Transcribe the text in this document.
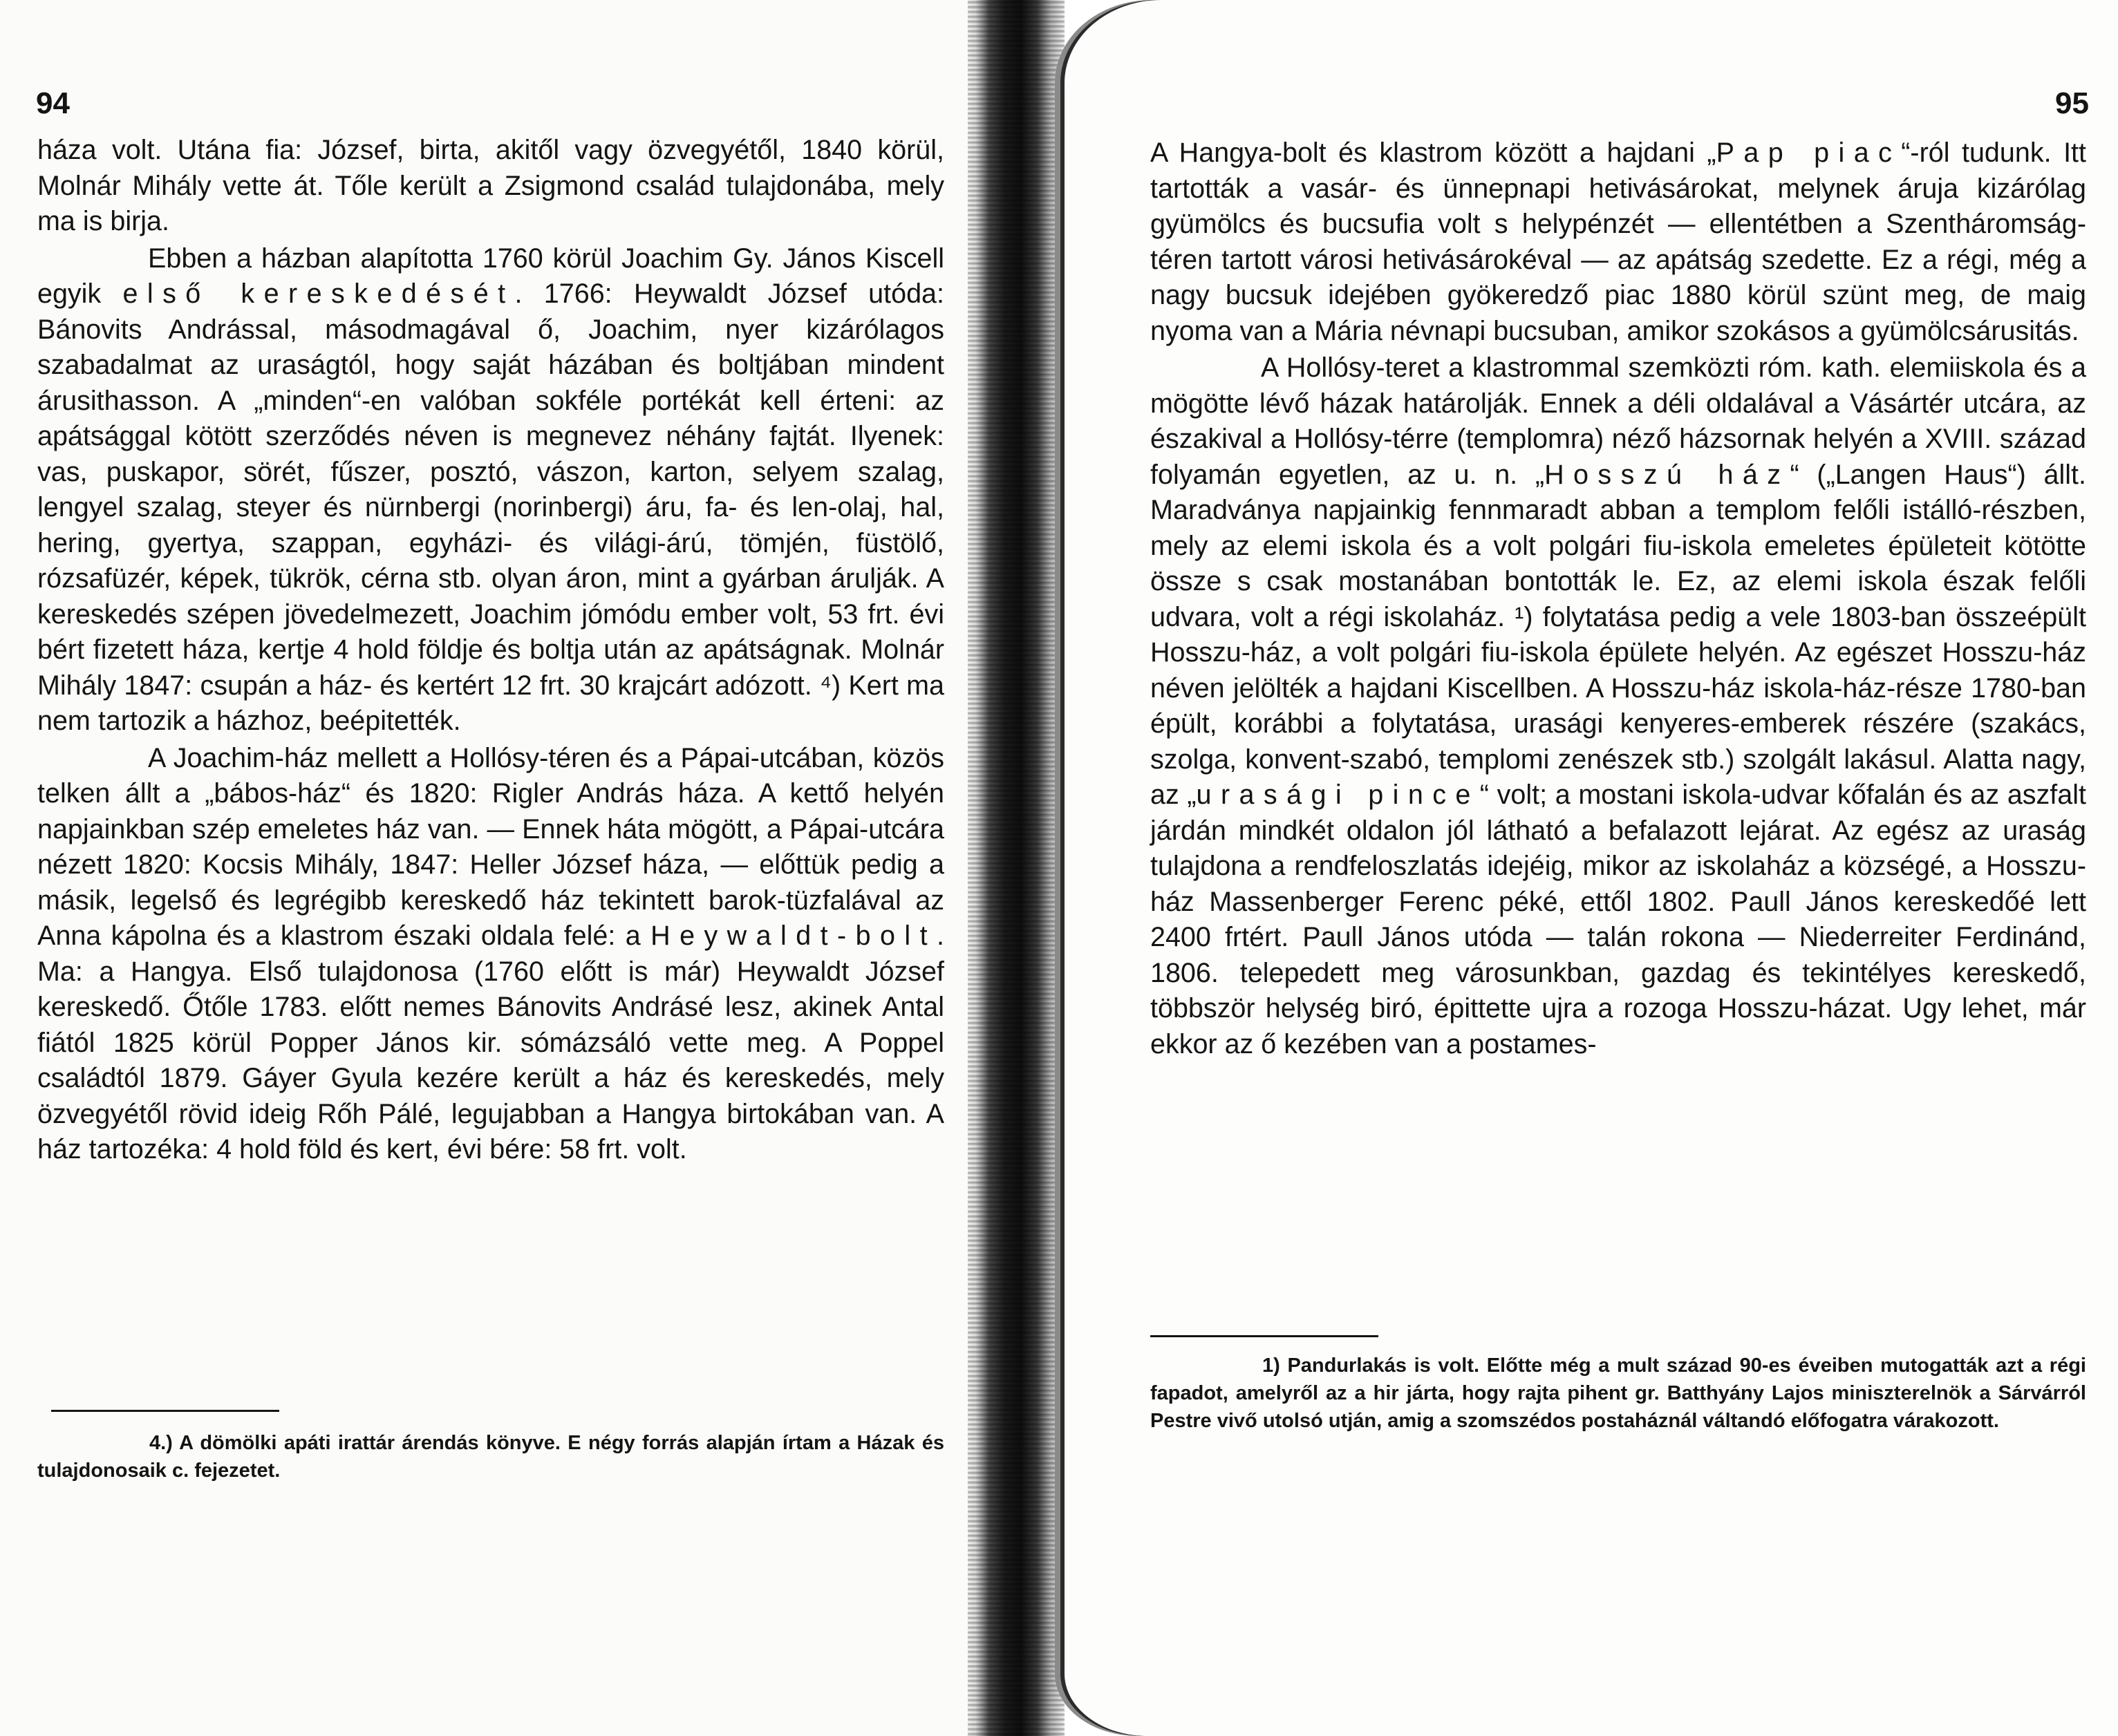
94

háza volt. Utána fia: József, birta, akitől vagy özvegyétől, 1840 körül, Molnár Mihály vette át. Tőle került a Zsigmond család tulajdonába, mely ma is birja.

Ebben a házban alapította 1760 körül Joachim Gy. János Kiscell egyik első kereskedését. 1766: Heywaldt József utóda: Bánovits Andrással, másodmagával ő, Joachim, nyer kizárólagos szabadalmat az uraságtól, hogy saját házában és boltjában mindent árusithasson. A „minden“-en valóban sokféle portékát kell érteni: az apátsággal kötött szerződés néven is megnevez néhány fajtát. Ilyenek: vas, puskapor, sörét, fűszer, posztó, vászon, karton, selyem szalag, lengyel szalag, steyer és nürnbergi (norinbergi) áru, fa- és len-olaj, hal, hering, gyertya, szappan, egyházi- és világi-árú, tömjén, füstölő, rózsafüzér, képek, tükrök, cérna stb. olyan áron, mint a gyárban árulják. A kereskedés szépen jövedelmezett, Joachim jómódu ember volt, 53 frt. évi bért fizetett háza, kertje 4 hold földje és boltja után az apátságnak. Molnár Mihály 1847: csupán a ház- és kertért 12 frt. 30 krajcárt adózott. ⁴) Kert ma nem tartozik a házhoz, beépitették.

A Joachim-ház mellett a Hollósy-téren és a Pápai-utcában, közös telken állt a „bábos-ház“ és 1820: Rigler András háza. A kettő helyén napjainkban szép emeletes ház van. — Ennek háta mögött, a Pápai-utcára nézett 1820: Kocsis Mihály, 1847: Heller József háza, — előttük pedig a másik, legelső és legrégibb kereskedő ház tekintett barok-tüzfalával az Anna kápolna és a klastrom északi oldala felé: a Heywaldt-bolt. Ma: a Hangya. Első tulajdonosa (1760 előtt is már) Heywaldt József kereskedő. Őtőle 1783. előtt nemes Bánovits Andrásé lesz, akinek Antal fiától 1825 körül Popper János kir. sómázsáló vette meg. A Poppel családtól 1879. Gáyer Gyula kezére került a ház és kereskedés, mely özvegyétől rövid ideig Rőh Pálé, legujabban a Hangya birtokában van. A ház tartozéka: 4 hold föld és kert, évi bére: 58 frt. volt.

4.) A dömölki apáti irattár árendás könyve. E négy forrás alapján írtam a Házak és tulajdonosaik c. fejezetet.

95

A Hangya-bolt és klastrom között a hajdani „Pap piac“-ról tudunk. Itt tartották a vasár- és ünnepnapi hetivásárokat, melynek áruja kizárólag gyümölcs és bucsufia volt s helypénzét — ellentétben a Szentháromság-téren tartott városi hetivásárokéval — az apátság szedette. Ez a régi, még a nagy bucsuk idejében gyökeredző piac 1880 körül szünt meg, de maig nyoma van a Mária névnapi bucsuban, amikor szokásos a gyümölcsárusitás.

A Hollósy-teret a klastrommal szemközti róm. kath. elemiiskola és a mögötte lévő házak határolják. Ennek a déli oldalával a Vásártér utcára, az északival a Hollósy-térre (templomra) néző házsornak helyén a XVIII. század folyamán egyetlen, az u. n. „Hosszú ház“ („Langen Haus“) állt. Maradványa napjainkig fennmaradt abban a templom felőli istálló-részben, mely az elemi iskola és a volt polgári fiu-iskola emeletes épületeit kötötte össze s csak mostanában bontották le. Ez, az elemi iskola észak felőli udvara, volt a régi iskolaház. ¹) folytatása pedig a vele 1803-ban összeépült Hosszu-ház, a volt polgári fiu-iskola épülete helyén. Az egészet Hosszu-ház néven jelölték a hajdani Kiscellben. A Hosszu-ház iskola-ház-része 1780-ban épült, korábbi a folytatása, urasági kenyeres-emberek részére (szakács, szolga, konvent-szabó, templomi zenészek stb.) szolgált lakásul. Alatta nagy, az „urasági pince“ volt; a mostani iskola-udvar kőfalán és az aszfalt járdán mindkét oldalon jól látható a befalazott lejárat. Az egész az uraság tulajdona a rendfeloszlatás idejéig, mikor az iskolaház a községé, a Hosszu-ház Massenberger Ferenc péké, ettől 1802. Paull János kereskedőé lett 2400 frtért. Paull János utóda — talán rokona — Niederreiter Ferdinánd, 1806. telepedett meg városunkban, gazdag és tekintélyes kereskedő, többször helység biró, épittette ujra a rozoga Hosszu-házat. Ugy lehet, már ekkor az ő kezében van a postames-

1) Pandurlakás is volt. Előtte még a mult század 90-es éveiben mutogatták azt a régi fapadot, amelyről az a hir járta, hogy rajta pihent gr. Batthyány Lajos miniszterelnök a Sárvárról Pestre vivő utolsó utján, amig a szomszédos postaháznál váltandó előfogatra várakozott.
